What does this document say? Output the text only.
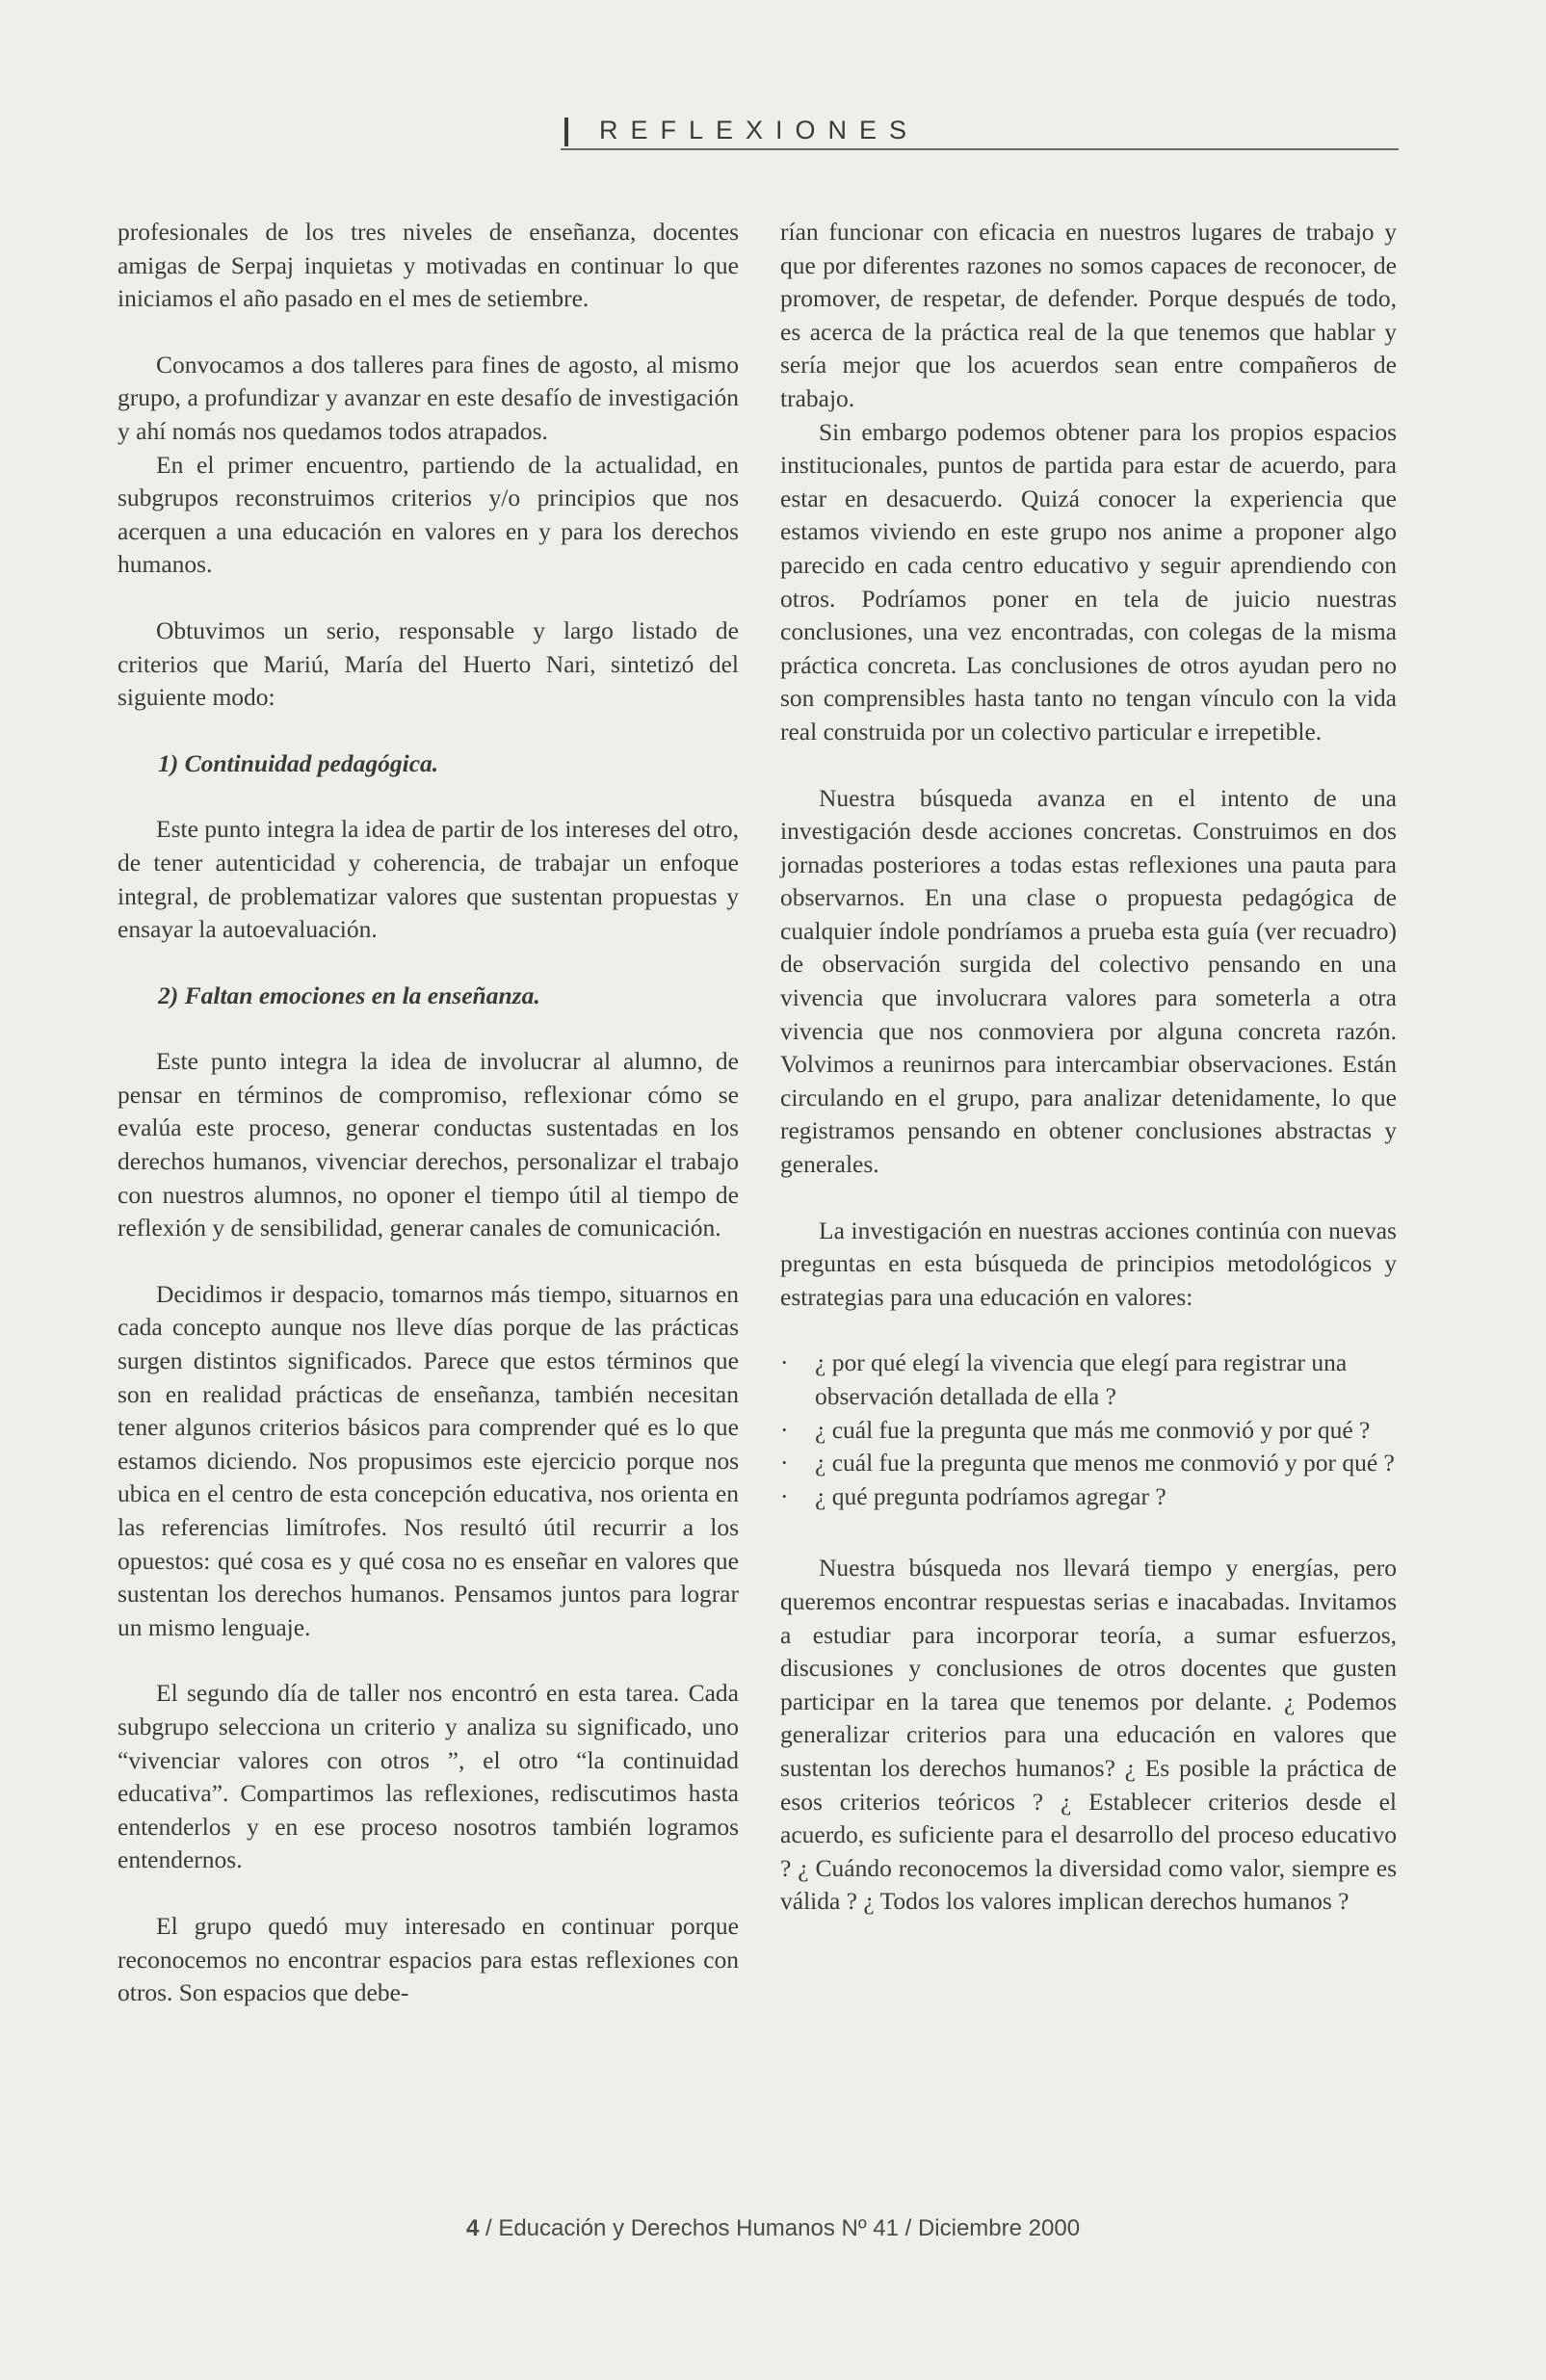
REFLEXIONES

profesionales de los tres niveles de enseñanza, docentes amigas de Serpaj inquietas y motivadas en continuar lo que iniciamos el año pasado en el mes de setiembre.

Convocamos a dos talleres para fines de agosto, al mismo grupo, a profundizar y avanzar en este desafío de investigación y ahí nomás nos quedamos todos atrapados.

En el primer encuentro, partiendo de la actualidad, en subgrupos reconstruimos criterios y/o principios que nos acerquen a una educación en valores en y para los derechos humanos.

Obtuvimos un serio, responsable y largo listado de criterios que Mariú, María del Huerto Nari, sintetizó del siguiente modo:

1) Continuidad pedagógica.

Este punto integra la idea de partir de los intereses del otro, de tener autenticidad y coherencia, de trabajar un enfoque integral, de problematizar valores que sustentan propuestas y ensayar la autoevaluación.

2) Faltan emociones en la enseñanza.

Este punto integra la idea de involucrar al alumno, de pensar en términos de compromiso, reflexionar cómo se evalúa este proceso, generar conductas sustentadas en los derechos humanos, vivenciar derechos, personalizar el trabajo con nuestros alumnos, no oponer el tiempo útil al tiempo de reflexión y de sensibilidad, generar canales de comunicación.

Decidimos ir despacio, tomarnos más tiempo, situarnos en cada concepto aunque nos lleve días porque de las prácticas surgen distintos significados. Parece que estos términos que son en realidad prácticas de enseñanza, también necesitan tener algunos criterios básicos para comprender qué es lo que estamos diciendo. Nos propusimos este ejercicio porque nos ubica en el centro de esta concepción educativa, nos orienta en las referencias limítrofes. Nos resultó útil recurrir a los opuestos: qué cosa es y qué cosa no es enseñar en valores que sustentan los derechos humanos. Pensamos juntos para lograr un mismo lenguaje.

El segundo día de taller nos encontró en esta tarea. Cada subgrupo selecciona un criterio y analiza su significado, uno “vivenciar valores con otros ”, el otro “la continuidad educativa”. Compartimos las reflexiones, rediscutimos hasta entenderlos y en ese proceso nosotros también logramos entendernos.

El grupo quedó muy interesado en continuar porque reconocemos no encontrar espacios para estas reflexiones con otros. Son espacios que debe-

rían funcionar con eficacia en nuestros lugares de trabajo y que por diferentes razones no somos capaces de reconocer, de promover, de respetar, de defender. Porque después de todo, es acerca de la práctica real de la que tenemos que hablar y sería mejor que los acuerdos sean entre compañeros de trabajo.

Sin embargo podemos obtener para los propios espacios institucionales, puntos de partida para estar de acuerdo, para estar en desacuerdo. Quizá conocer la experiencia que estamos viviendo en este grupo nos anime a proponer algo parecido en cada centro educativo y seguir aprendiendo con otros. Podríamos poner en tela de juicio nuestras conclusiones, una vez encontradas, con colegas de la misma práctica concreta. Las conclusiones de otros ayudan pero no son comprensibles hasta tanto no tengan vínculo con la vida real construida por un colectivo particular e irrepetible.

Nuestra búsqueda avanza en el intento de una investigación desde acciones concretas. Construimos en dos jornadas posteriores a todas estas reflexiones una pauta para observarnos. En una clase o propuesta pedagógica de cualquier índole pondríamos a prueba esta guía (ver recuadro) de observación surgida del colectivo pensando en una vivencia que involucrara valores para someterla a otra vivencia que nos conmoviera por alguna concreta razón. Volvimos a reunirnos para intercambiar observaciones. Están circulando en el grupo, para analizar detenidamente, lo que registramos pensando en obtener conclusiones abstractas y generales.

La investigación en nuestras acciones continúa con nuevas preguntas en esta búsqueda de principios metodológicos y estrategias para una educación en valores:

· ¿ por qué elegí la vivencia que elegí para registrar una observación detallada de ella ?
· ¿ cuál fue la pregunta que más me conmovió y por qué ?
· ¿ cuál fue la pregunta que menos me conmovió y por qué ?
· ¿ qué pregunta podríamos agregar ?

Nuestra búsqueda nos llevará tiempo y energías, pero queremos encontrar respuestas serias e inacabadas. Invitamos a estudiar para incorporar teoría, a sumar esfuerzos, discusiones y conclusiones de otros docentes que gusten participar en la tarea que tenemos por delante. ¿ Podemos generalizar criterios para una educación en valores que sustentan los derechos humanos? ¿ Es posible la práctica de esos criterios teóricos ? ¿ Establecer criterios desde el acuerdo, es suficiente para el desarrollo del proceso educativo ? ¿ Cuándo reconocemos la diversidad como valor, siempre es válida ? ¿ Todos los valores implican derechos humanos ?

4 / Educación y Derechos Humanos Nº 41 / Diciembre 2000
